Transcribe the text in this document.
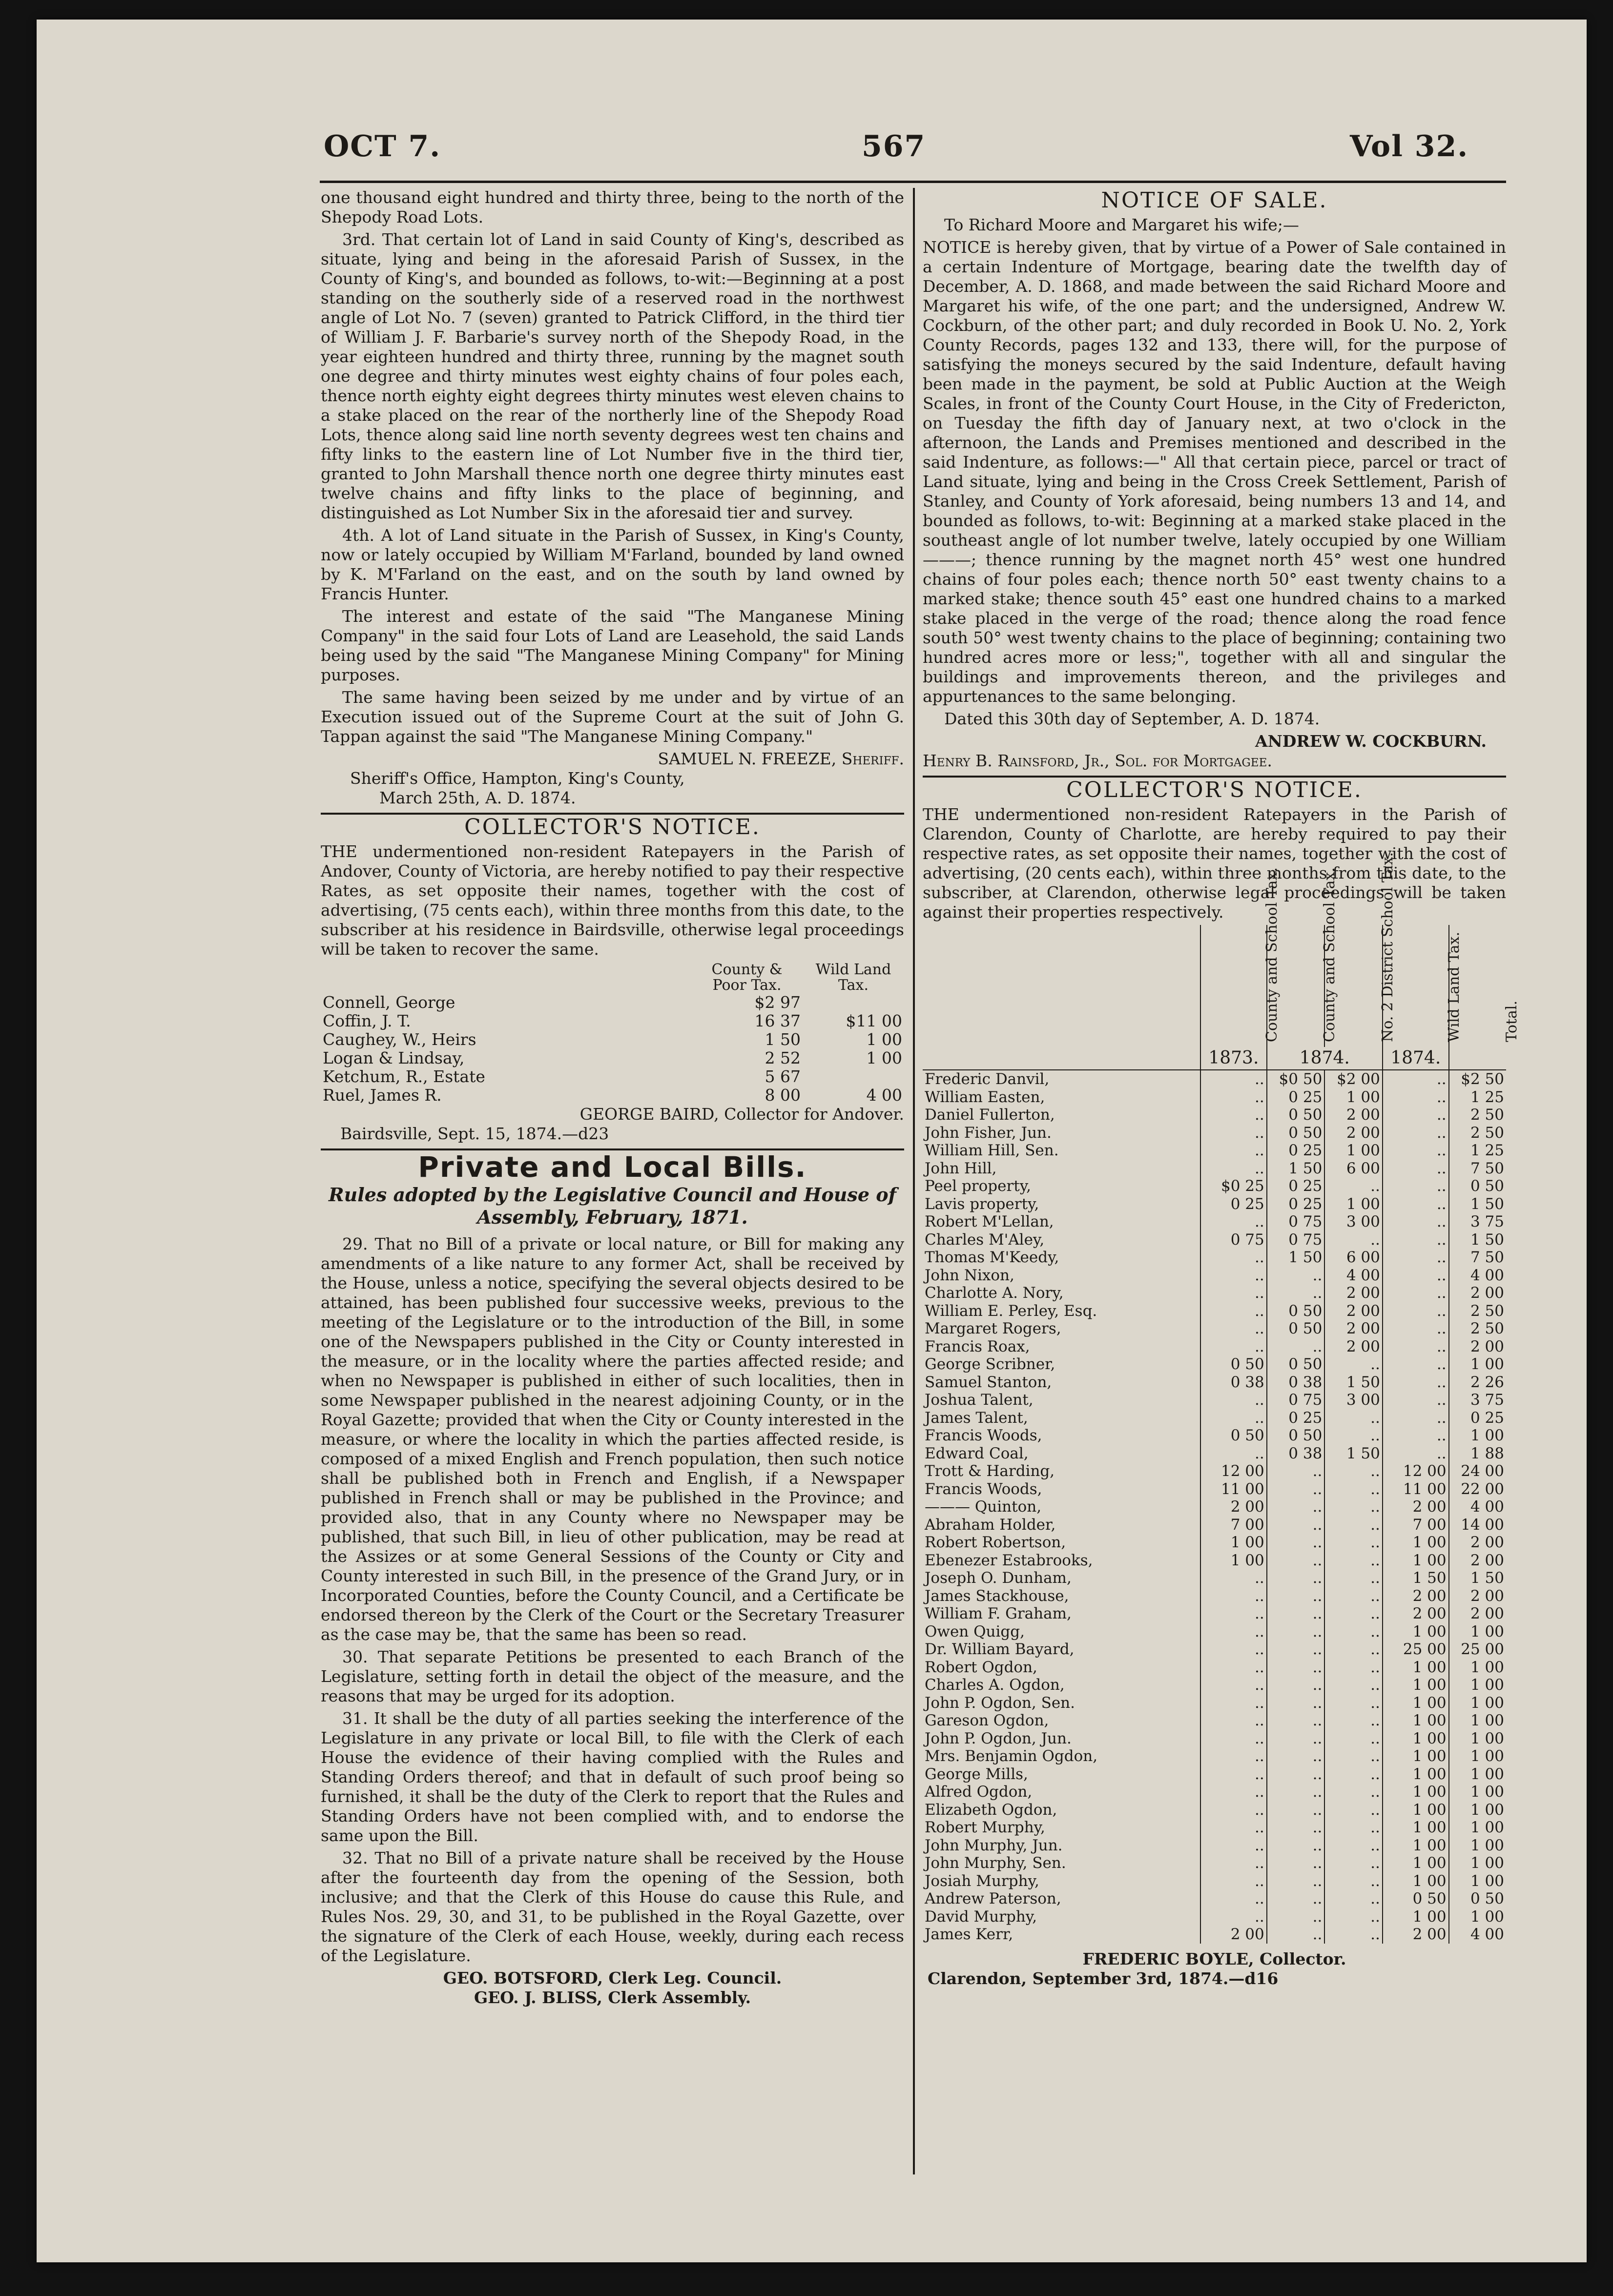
OCT 7.	567	Vol 32.

one thousand eight hundred and thirty three, being to the north of the Shepody Road Lots.

3rd. That certain lot of Land in said County of King's, described as situate, lying and being in the aforesaid Parish of Sussex, in the County of King's, and bounded as follows, to-wit:—Beginning at a post standing on the southerly side of a reserved road in the northwest angle of Lot No. 7 (seven) granted to Patrick Clifford, in the third tier of William J. F. Barbarie's survey north of the Shepody Road, in the year eighteen hundred and thirty three, running by the magnet south one degree and thirty minutes west eighty chains of four poles each, thence north eighty eight degrees thirty minutes west eleven chains to a stake placed on the rear of the northerly line of the Shepody Road Lots, thence along said line north seventy degrees west ten chains and fifty links to the eastern line of Lot Number five in the third tier, granted to John Marshall thence north one degree thirty minutes east twelve chains and fifty links to the place of beginning, and distinguished as Lot Number Six in the aforesaid tier and survey.

4th. A lot of Land situate in the Parish of Sussex, in King's County, now or lately occupied by William M'Farland, bounded by land owned by K. M'Farland on the east, and on the south by land owned by Francis Hunter.

The interest and estate of the said "The Manganese Mining Company" in the said four Lots of Land are Leasehold, the said Lands being used by the said "The Manganese Mining Company" for Mining purposes.

The same having been seized by me under and by virtue of an Execution issued out of the Supreme Court at the suit of John G. Tappan against the said "The Manganese Mining Company."

SAMUEL N. FREEZE, Sheriff.
Sheriff's Office, Hampton, King's County,
March 25th, A. D. 1874.
COLLECTOR'S NOTICE.

THE undermentioned non-resident Ratepayers in the Parish of Andover, County of Victoria, are hereby notified to pay their respective Rates, as set opposite their names, together with the cost of advertising, (75 cents each), within three months from this date, to the subscriber at his residence in Bairdsville, otherwise legal proceedings will be taken to recover the same.

	County & Poor Tax.	Wild Land Tax.
Connell, George	$2 97	
Coffin, J. T.	16 37	$11 00
Caughey, W., Heirs	1 50	1 00
Logan & Lindsay,	2 52	1 00
Ketchum, R., Estate	5 67	
Ruel, James R.	8 00	4 00
GEORGE BAIRD, Collector for Andover.
Bairdsville, Sept. 15, 1874.—d23
Private and Local Bills.
Rules adopted by the Legislative Council and House of Assembly, February, 1871.

29. That no Bill of a private or local nature, or Bill for making any amendments of a like nature to any former Act, shall be received by the House, unless a notice, specifying the several objects desired to be attained, has been published four successive weeks, previous to the meeting of the Legislature or to the introduction of the Bill, in some one of the Newspapers published in the City or County interested in the measure, or in the locality where the parties affected reside; and when no Newspaper is published in either of such localities, then in some Newspaper published in the nearest adjoining County, or in the Royal Gazette; provided that when the City or County interested in the measure, or where the locality in which the parties affected reside, is composed of a mixed English and French population, then such notice shall be published both in French and English, if a Newspaper published in French shall or may be published in the Province; and provided also, that in any County where no Newspaper may be published, that such Bill, in lieu of other publication, may be read at the Assizes or at some General Sessions of the County or City and County interested in such Bill, in the presence of the Grand Jury, or in Incorporated Counties, before the County Council, and a Certificate be endorsed thereon by the Clerk of the Court or the Secretary Treasurer as the case may be, that the same has been so read.

30. That separate Petitions be presented to each Branch of the Legislature, setting forth in detail the object of the measure, and the reasons that may be urged for its adoption.

31. It shall be the duty of all parties seeking the interference of the Legislature in any private or local Bill, to file with the Clerk of each House the evidence of their having complied with the Rules and Standing Orders thereof; and that in default of such proof being so furnished, it shall be the duty of the Clerk to report that the Rules and Standing Orders have not been complied with, and to endorse the same upon the Bill.

32. That no Bill of a private nature shall be received by the House after the fourteenth day from the opening of the Session, both inclusive; and that the Clerk of this House do cause this Rule, and Rules Nos. 29, 30, and 31, to be published in the Royal Gazette, over the signature of the Clerk of each House, weekly, during each recess of the Legislature.

GEO. BOTSFORD, Clerk Leg. Council.
GEO. J. BLISS, Clerk Assembly.
NOTICE OF SALE.

To Richard Moore and Margaret his wife;—

NOTICE is hereby given, that by virtue of a Power of Sale contained in a certain Indenture of Mortgage, bearing date the twelfth day of December, A. D. 1868, and made between the said Richard Moore and Margaret his wife, of the one part; and the undersigned, Andrew W. Cockburn, of the other part; and duly recorded in Book U. No. 2, York County Records, pages 132 and 133, there will, for the purpose of satisfying the moneys secured by the said Indenture, default having been made in the payment, be sold at Public Auction at the Weigh Scales, in front of the County Court House, in the City of Fredericton, on Tuesday the fifth day of January next, at two o'clock in the afternoon, the Lands and Premises mentioned and described in the said Indenture, as follows:—" All that certain piece, parcel or tract of Land situate, lying and being in the Cross Creek Settlement, Parish of Stanley, and County of York aforesaid, being numbers 13 and 14, and bounded as follows, to-wit: Beginning at a marked stake placed in the southeast angle of lot number twelve, lately occupied by one William ———; thence running by the magnet north 45° west one hundred chains of four poles each; thence north 50° east twenty chains to a marked stake; thence south 45° east one hundred chains to a marked stake placed in the verge of the road; thence along the road fence south 50° west twenty chains to the place of beginning; containing two hundred acres more or less;", together with all and singular the buildings and improvements thereon, and the privileges and appurtenances to the same belonging.

Dated this 30th day of September, A. D. 1874.

ANDREW W. COCKBURN.
Henry B. Rainsford, Jr., Sol. for Mortgagee.
COLLECTOR'S NOTICE.

THE undermentioned non-resident Ratepayers in the Parish of Clarendon, County of Charlotte, are hereby required to pay their respective rates, as set opposite their names, together with the cost of advertising, (20 cents each), within three months from this date, to the subscriber, at Clarendon, otherwise legal proceedings will be taken against their properties respectively.

	County and School Tax.	County and School Tax.	No. 2 District School Tax.	Wild Land Tax.	Total.

	1873.	1874.		1874.	
Frederic Danvil,	..	$0 50	$2 00	..	$2 50
William Easten,	..	0 25	1 00	..	1 25
Daniel Fullerton,	..	0 50	2 00	..	2 50
John Fisher, Jun.	..	0 50	2 00	..	2 50
William Hill, Sen.	..	0 25	1 00	..	1 25
John Hill,	..	1 50	6 00	..	7 50
Peel property,	$0 25	0 25	..	..	0 50
Lavis property,	0 25	0 25	1 00	..	1 50
Robert M'Lellan,	..	0 75	3 00	..	3 75
Charles M'Aley,	0 75	0 75	..	..	1 50
Thomas M'Keedy,	..	1 50	6 00	..	7 50
John Nixon,	..	..	4 00	..	4 00
Charlotte A. Nory,	..	..	2 00	..	2 00
William E. Perley, Esq.	..	0 50	2 00	..	2 50
Margaret Rogers,	..	0 50	2 00	..	2 50
Francis Roax,	..	..	2 00	..	2 00
George Scribner,	0 50	0 50	..	..	1 00
Samuel Stanton,	0 38	0 38	1 50	..	2 26
Joshua Talent,	..	0 75	3 00	..	3 75
James Talent,	..	0 25	..	..	0 25
Francis Woods,	0 50	0 50	..	..	1 00
Edward Coal,	..	0 38	1 50	..	1 88
Trott & Harding,	12 00	..	..	12 00	24 00
Francis Woods,	11 00	..	..	11 00	22 00
——— Quinton,	2 00	..	..	2 00	4 00
Abraham Holder,	7 00	..	..	7 00	14 00
Robert Robertson,	1 00	..	..	1 00	2 00
Ebenezer Estabrooks,	1 00	..	..	1 00	2 00
Joseph O. Dunham,	..	..	..	1 50	1 50
James Stackhouse,	..	..	..	2 00	2 00
William F. Graham,	..	..	..	2 00	2 00
Owen Quigg,	..	..	..	1 00	1 00
Dr. William Bayard,	..	..	..	25 00	25 00
Robert Ogdon,	..	..	..	1 00	1 00
Charles A. Ogdon,	..	..	..	1 00	1 00
John P. Ogdon, Sen.	..	..	..	1 00	1 00
Gareson Ogdon,	..	..	..	1 00	1 00
John P. Ogdon, Jun.	..	..	..	1 00	1 00
Mrs. Benjamin Ogdon,	..	..	..	1 00	1 00
George Mills,	..	..	..	1 00	1 00
Alfred Ogdon,	..	..	..	1 00	1 00
Elizabeth Ogdon,	..	..	..	1 00	1 00
Robert Murphy,	..	..	..	1 00	1 00
John Murphy, Jun.	..	..	..	1 00	1 00
John Murphy, Sen.	..	..	..	1 00	1 00
Josiah Murphy,	..	..	..	1 00	1 00
Andrew Paterson,	..	..	..	0 50	0 50
David Murphy,	..	..	..	1 00	1 00
James Kerr,	2 00	..	..	2 00	4 00
FREDERIC BOYLE, Collector.
Clarendon, September 3rd, 1874.—d16
